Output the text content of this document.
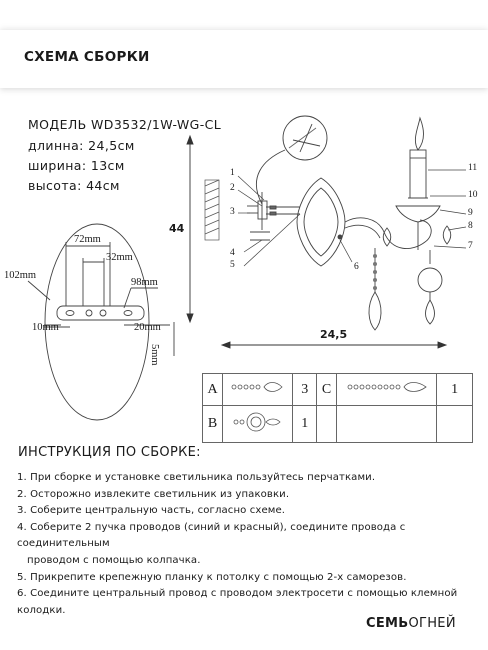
СХЕМА СБОРКИ
МОДЕЛЬ WD3532/1W-WG-CL
длинна: 24,5см
ширина: 13см
высота: 44см
72mm
32mm
102mm
98mm
10mm	20mm
5mm
44
24,5
1
2
3
4
5	6
7
8
9
10
11
A		3	C		1
B		1			
ИНСТРУКЦИЯ ПО СБОРКЕ:
1. При сборке и установке светильника пользуйтесь перчатками.
2. Осторожно извлеките светильник из упаковки.
3. Соберите центральную часть, согласно схеме.
4. Соберите 2 пучка проводов (синий и красный), соедините провода с соединительным
проводом с помощью колпачка.
5. Прикрепите крепежную планку к потолку с помощью 2-х саморезов.
6. Соедините центральный провод с проводом электросети с помощью клемной колодки.
СЕМЬОГНЕЙ
